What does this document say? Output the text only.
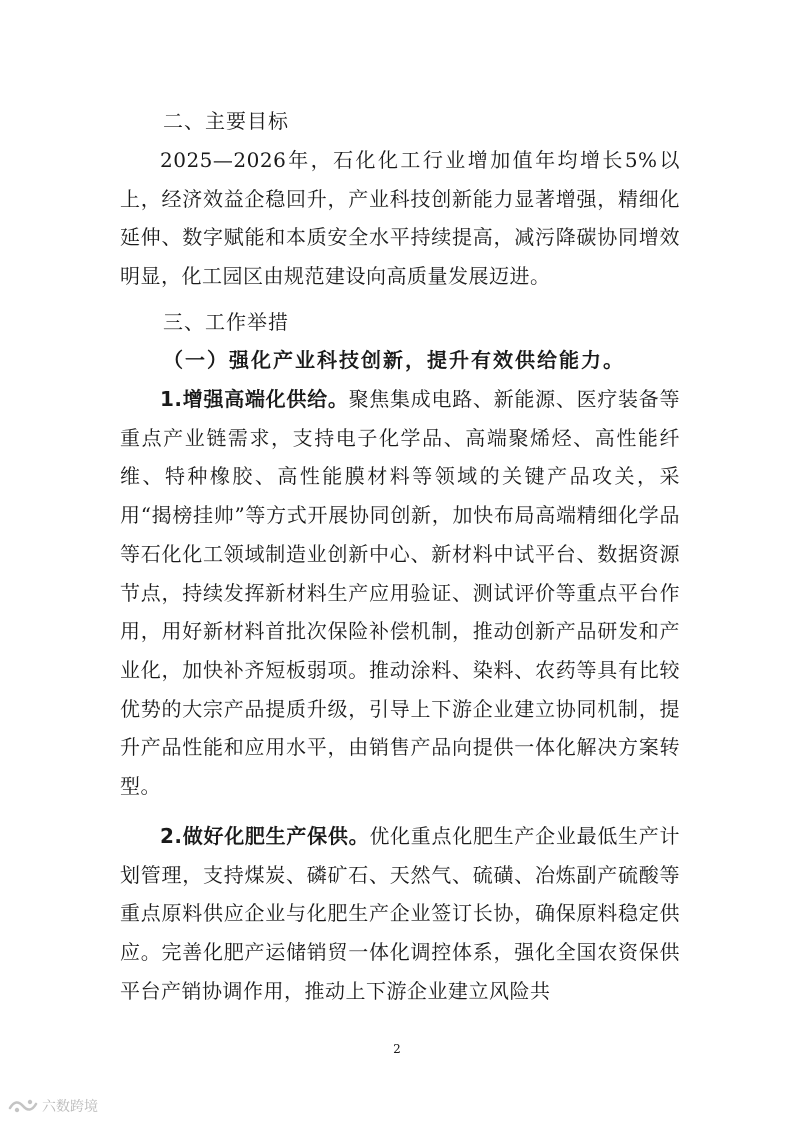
二、主要目标

2025—2026年，石化化工行业增加值年均增长5%以上，经济效益企稳回升，产业科技创新能力显著增强，精细化延伸、数字赋能和本质安全水平持续提高，减污降碳协同增效明显，化工园区由规范建设向高质量发展迈进。

三、工作举措
（一）强化产业科技创新，提升有效供给能力。

1.增强高端化供给。聚焦集成电路、新能源、医疗装备等重点产业链需求，支持电子化学品、高端聚烯烃、高性能纤维、特种橡胶、高性能膜材料等领域的关键产品攻关，采用“揭榜挂帅”等方式开展协同创新，加快布局高端精细化学品等石化化工领域制造业创新中心、新材料中试平台、数据资源节点，持续发挥新材料生产应用验证、测试评价等重点平台作用，用好新材料首批次保险补偿机制，推动创新产品研发和产业化，加快补齐短板弱项。推动涂料、染料、农药等具有比较优势的大宗产品提质升级，引导上下游企业建立协同机制，提升产品性能和应用水平，由销售产品向提供一体化解决方案转型。

2.做好化肥生产保供。优化重点化肥生产企业最低生产计划管理，支持煤炭、磷矿石、天然气、硫磺、冶炼副产硫酸等重点原料供应企业与化肥生产企业签订长协，确保原料稳定供应。完善化肥产运储销贸一体化调控体系，强化全国农资保供平台产销协调作用，推动上下游企业建立风险共

2
六数跨境
